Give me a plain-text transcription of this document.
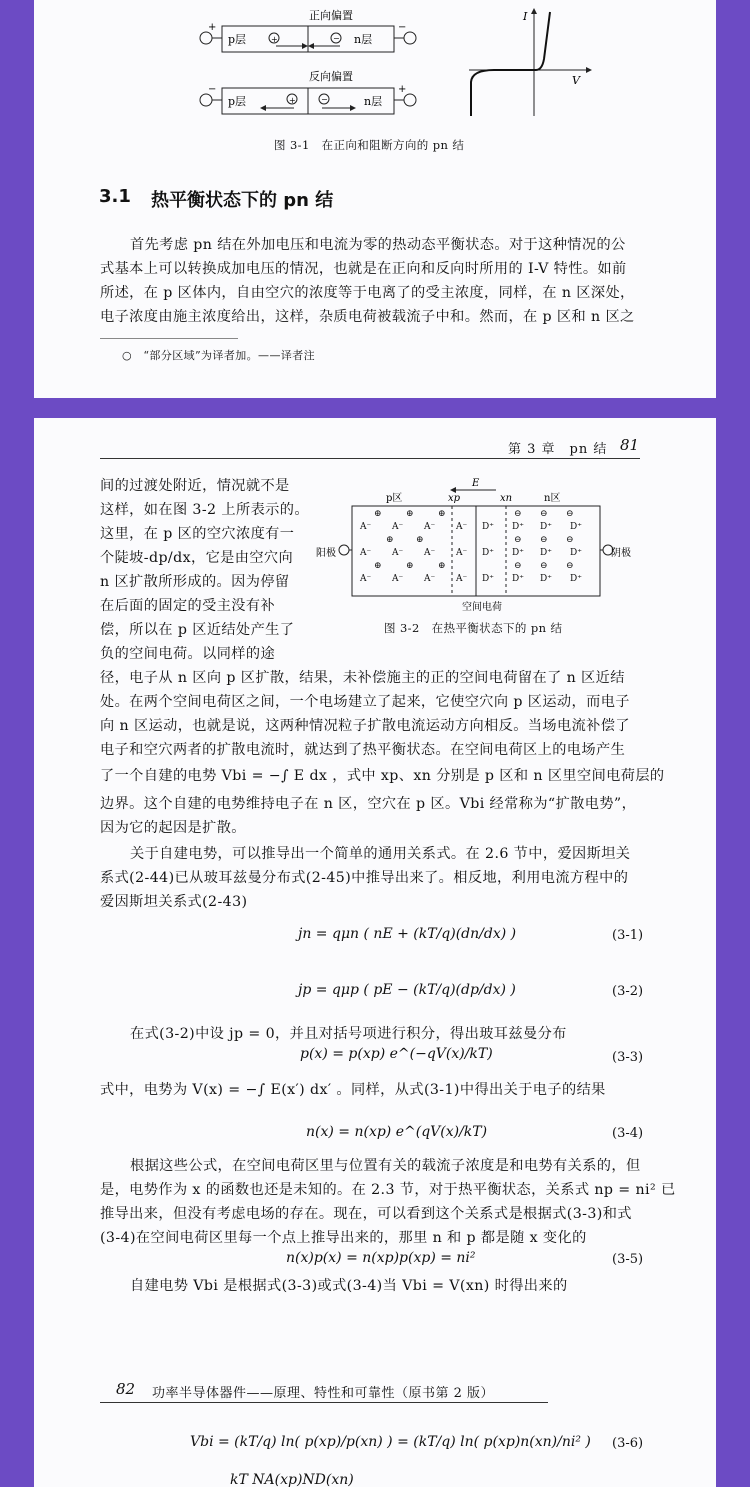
正向偏置
+
p层	+	− n层
−
反向偏置
−
p层	+	−	n层
+
I
V
图 3-1　在正向和阻断方向的 pn 结
3.1 热平衡状态下的 pn 结
首先考虑 pn 结在外加电压和电流为零的热动态平衡状态。对于这种情况的公
式基本上可以转换成加电压的情况，也就是在正向和反向时所用的 I-V 特性。如前
所述，在 p 区体内，自由空穴的浓度等于电离了的受主浓度，同样，在 n 区深处，
电子浓度由施主浓度给出，这样，杂质电荷被载流子中和。然而，在 p 区和 n 区之
○　“部分区域”为译者加。——译者注
第 3 章　pn 结 81
间的过渡处附近，情况就不是
这样，如在图 3-2 上所表示的。
这里，在 p 区的空穴浓度有一
个陡坡-dp/dx，它是由空穴向
n 区扩散所形成的。因为停留
在后面的固定的受主没有补
偿，所以在 p 区近结处产生了
负的空间电荷。以同样的途
E
p区	xp	xn	n区
阳极	阴极
⊕	⊕	⊕
A⁻ A⁻ A⁻ A⁻
⊕ ⊕
A⁻ A⁻ A⁻ A⁻
⊕	⊕	⊕
A⁻ A⁻ A⁻ A⁻
⊖ ⊖ ⊖
D⁺ D⁺ D⁺ D⁺
⊖ ⊖ ⊖
D⁺ D⁺ D⁺ D⁺
⊖ ⊖ ⊖
D⁺ D⁺ D⁺ D⁺
空间电荷
图 3-2　在热平衡状态下的 pn 结
径，电子从 n 区向 p 区扩散，结果，未补偿施主的正的空间电荷留在了 n 区近结
处。在两个空间电荷区之间，一个电场建立了起来，它使空穴向 p 区运动，而电子
向 n 区运动，也就是说，这两种情况粒子扩散电流运动方向相反。当场电流补偿了
电子和空穴两者的扩散电流时，就达到了热平衡状态。在空间电荷区上的电场产生
了一个自建的电势 Vbi = −∫ E dx ，式中 xp、xn 分别是 p 区和 n 区里空间电荷层的
边界。这个自建的电势维持电子在 n 区，空穴在 p 区。Vbi 经常称为“扩散电势”，
因为它的起因是扩散。
关于自建电势，可以推导出一个简单的通用关系式。在 2.6 节中，爱因斯坦关
系式(2-44)已从玻耳兹曼分布式(2-45)中推导出来了。相反地，利用电流方程中的
爱因斯坦关系式(2-43)
jn = qμn ( nE + (kT/q)(dn/dx) )	(3-1)
jp = qμp ( pE − (kT/q)(dp/dx) )	(3-2)
在式(3-2)中设 jp = 0，并且对括号项进行积分，得出玻耳兹曼分布
p(x) = p(xp) e^(−qV(x)/kT)	(3-3)
式中，电势为 V(x) = −∫ E(x′) dx′ 。同样，从式(3-1)中得出关于电子的结果
n(x) = n(xp) e^(qV(x)/kT)	(3-4)
根据这些公式，在空间电荷区里与位置有关的载流子浓度是和电势有关系的，但
是，电势作为 x 的函数也还是未知的。在 2.3 节，对于热平衡状态，关系式 np = ni² 已
推导出来，但没有考虑电场的存在。现在，可以看到这个关系式是根据式(3-3)和式
(3-4)在空间电荷区里每一个点上推导出来的，那里 n 和 p 都是随 x 变化的
n(x)p(x) = n(xp)p(xp) = ni²	(3-5)
自建电势 Vbi 是根据式(3-3)或式(3-4)当 Vbi = V(xn) 时得出来的
82 功率半导体器件——原理、特性和可靠性（原书第 2 版）
Vbi = (kT/q) ln( p(xp)/p(xn) ) = (kT/q) ln( p(xp)n(xn)/ni² ) (3-6)
kT NA(xp)ND(xn)
